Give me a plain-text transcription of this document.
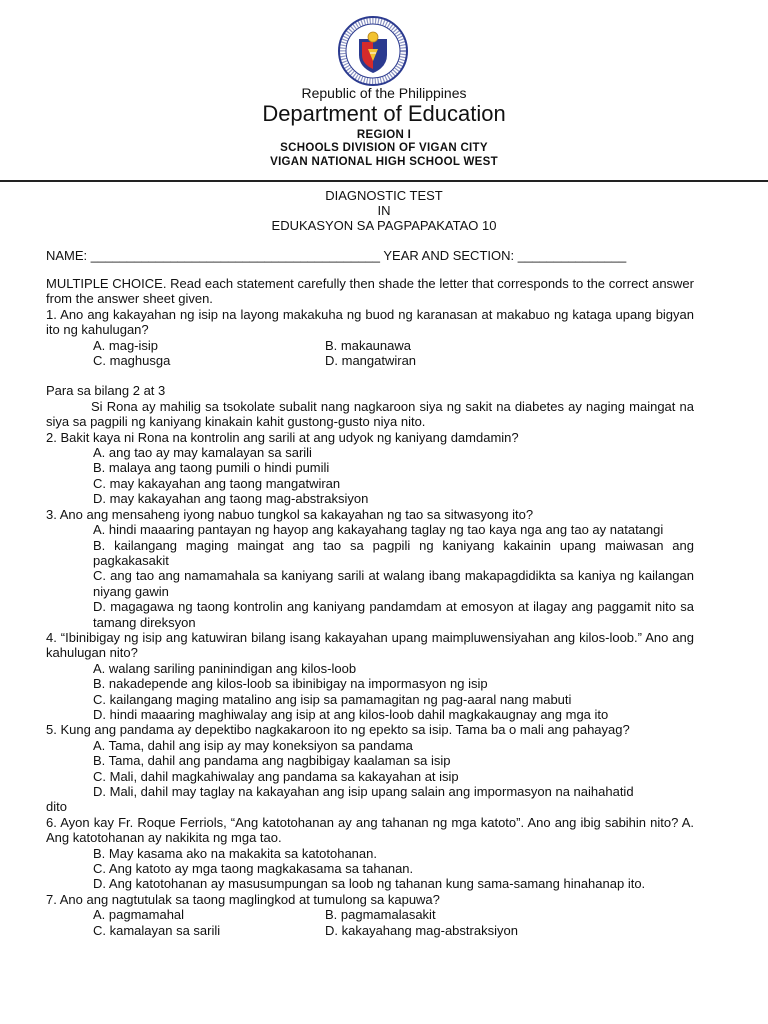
Republic of the Philippines
Department of Education
REGION I
SCHOOLS DIVISION OF VIGAN CITY
VIGAN NATIONAL HIGH SCHOOL WEST
DIAGNOSTIC TEST
IN
EDUKASYON SA PAGPAPAKATAO 10
NAME: ________________________________________ YEAR AND SECTION: _______________

MULTIPLE CHOICE. Read each statement carefully then shade the letter that corresponds to the correct answer from the answer sheet given.

1. Ano ang kakayahan ng isip na layong makakuha ng buod ng karanasan at makabuo ng kataga upang bigyan ito ng kahulugan?

A. mag-isip	B. makaunawa
C. maghusga	D. mangatwiran

Para sa bilang 2 at 3

Si Rona ay mahilig sa tsokolate subalit nang nagkaroon siya ng sakit na diabetes ay naging maingat na siya sa pagpili ng kaniyang kinakain kahit gustong-gusto niya nito.

2. Bakit kaya ni Rona na kontrolin ang sarili at ang udyok ng kaniyang damdamin?

A. ang tao ay may kamalayan sa sarili
B. malaya ang taong pumili o hindi pumili
C. may kakayahan ang taong mangatwiran
D. may kakayahan ang taong mag-abstraksiyon

3. Ano ang mensaheng iyong nabuo tungkol sa kakayahan ng tao sa sitwasyong ito?

A. hindi maaaring pantayan ng hayop ang kakayahang taglay ng tao kaya nga ang tao ay natatangi
B. kailangang maging maingat ang tao sa pagpili ng kaniyang kakainin upang maiwasan ang pagkakasakit
C. ang tao ang namamahala sa kaniyang sarili at walang ibang makapagdidikta sa kaniya ng kailangan niyang gawin
D. magagawa ng taong kontrolin ang kaniyang pandamdam at emosyon at ilagay ang paggamit nito sa tamang direksyon

4. “Ibinibigay ng isip ang katuwiran bilang isang kakayahan upang maimpluwensiyahan ang kilos-loob.” Ano ang kahulugan nito?

A. walang sariling paninindigan ang kilos-loob
B. nakadepende ang kilos-loob sa ibinibigay na impormasyon ng isip
C. kailangang maging matalino ang isip sa pamamagitan ng pag-aaral nang mabuti
D. hindi maaaring maghiwalay ang isip at ang kilos-loob dahil magkakaugnay ang mga ito

5. Kung ang pandama ay depektibo nagkakaroon ito ng epekto sa isip. Tama ba o mali ang pahayag?

A. Tama, dahil ang isip ay may koneksiyon sa pandama
B. Tama, dahil ang pandama ang nagbibigay kaalaman sa isip
C. Mali, dahil magkahiwalay ang pandama sa kakayahan at isip
D. Mali, dahil may taglay na kakayahan ang isip upang salain ang impormasyon na naihahatid
dito

6. Ayon kay Fr. Roque Ferriols, “Ang katotohanan ay ang tahanan ng mga katoto”. Ano ang ibig sabihin nito? A. Ang katotohanan ay nakikita ng mga tao.

B. May kasama ako na makakita sa katotohanan.
C. Ang katoto ay mga taong magkakasama sa tahanan.
D. Ang katotohanan ay masusumpungan sa loob ng tahanan kung sama-samang hinahanap ito.

7. Ano ang nagtutulak sa taong maglingkod at tumulong sa kapuwa?

A. pagmamahal	B. pagmamalasakit
C. kamalayan sa sarili	D. kakayahang mag-abstraksiyon
